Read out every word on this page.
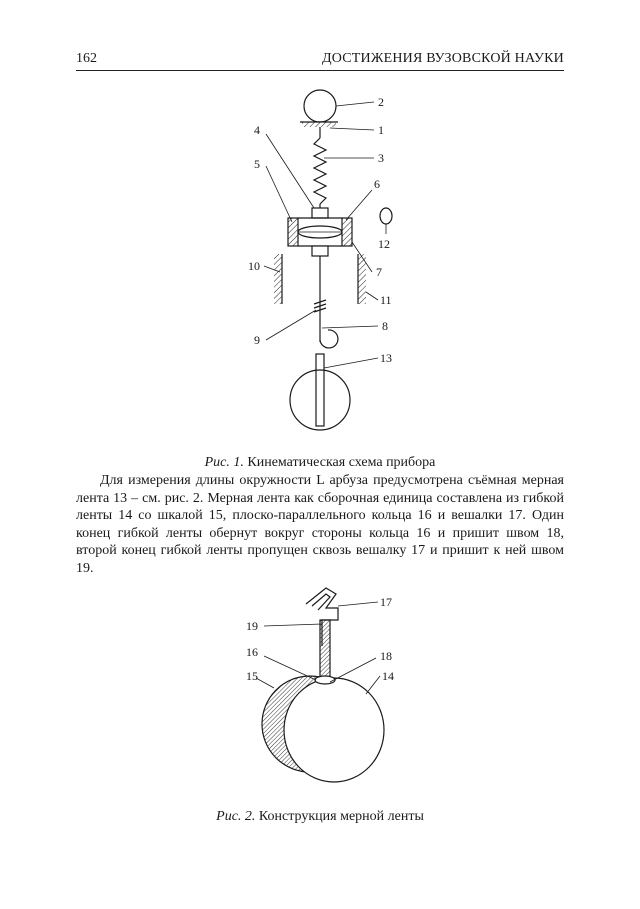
162	ДОСТИЖЕНИЯ ВУЗОВСКОЙ НАУКИ
2
1
3
4
5
6
12
7
10
11
8
9
13
Рис. 1. Кинематическая схема прибора

Для измерения длины окружности L арбуза предусмотрена съёмная мерная лента 13 – см. рис. 2. Мерная лента как сборочная единица составлена из гибкой ленты 14 со шкалой 15, плоско-параллельного кольца 16 и вешалки 17. Один конец гибкой ленты обернут вокруг стороны кольца 16 и пришит швом 18, второй конец гибкой ленты пропущен сквозь вешалку 17 и пришит к ней швом 19.

17
19
16
15
18
14
Рис. 2. Конструкция мерной ленты
